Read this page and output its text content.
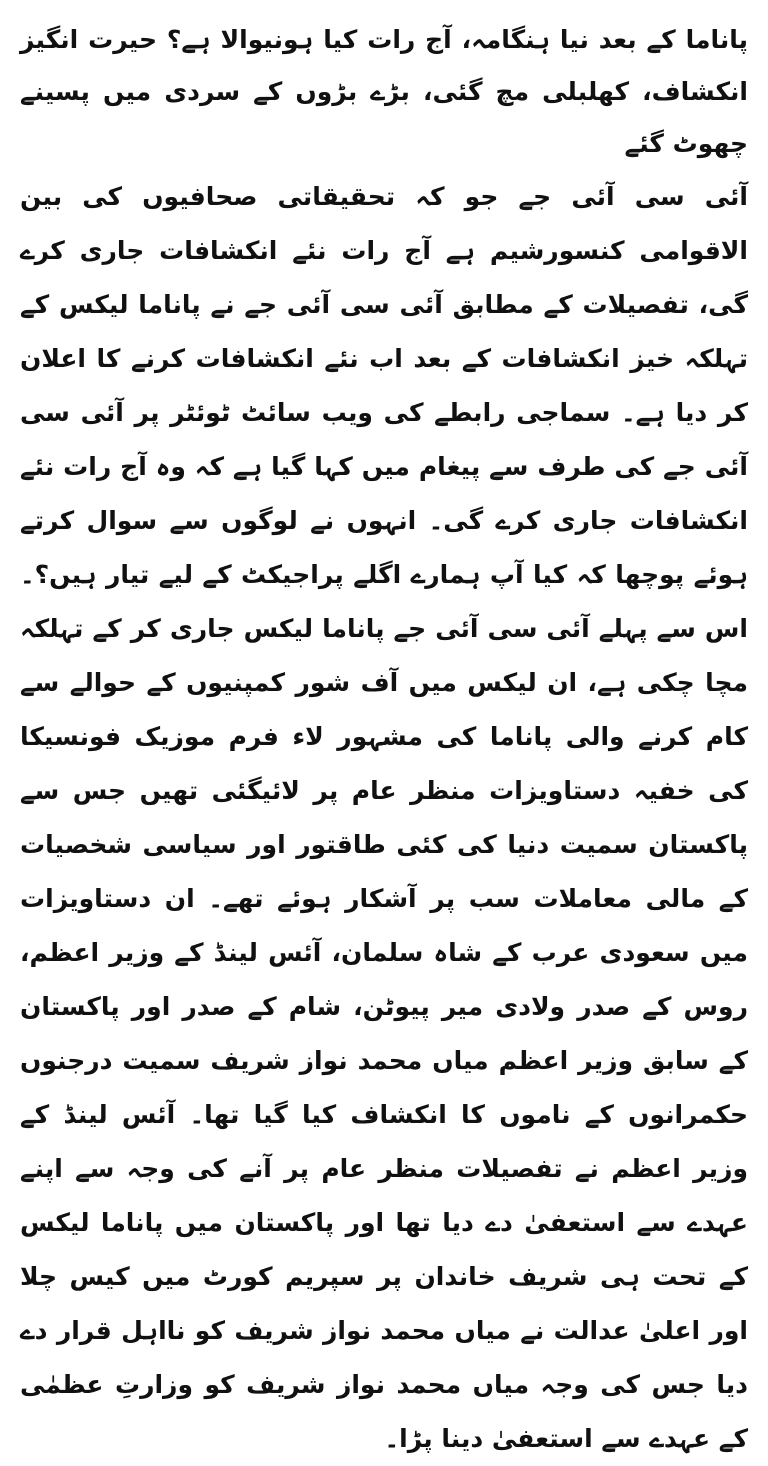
پاناما کے بعد نیا ہنگامہ، آج رات کیا ہونیوالا ہے؟ حیرت انگیز انکشاف، کھلبلی مچ گئی، بڑے بڑوں کے سردی میں پسینے چھوٹ گئے

آئی سی آئی جے جو کہ تحقیقاتی صحافیوں کی بین الاقوامی کنسورشیم ہے آج رات نئے انکشافات جاری کرے گی، تفصیلات کے مطابق آئی سی آئی جے نے پاناما لیکس کے تہلکہ خیز انکشافات کے بعد اب نئے انکشافات کرنے کا اعلان کر دیا ہے۔ سماجی رابطے کی ویب سائٹ ٹوئٹر پر آئی سی آئی جے کی طرف سے پیغام میں کہا گیا ہے کہ وہ آج رات نئے انکشافات جاری کرے گی۔ انہوں نے لوگوں سے سوال کرتے ہوئے پوچھا کہ کیا آپ ہمارے اگلے پراجیکٹ کے لیے تیار ہیں؟۔ اس سے پہلے آئی سی آئی جے پاناما لیکس جاری کر کے تہلکہ مچا چکی ہے، ان لیکس میں آف شور کمپنیوں کے حوالے سے کام کرنے والی پاناما کی مشہور لاء فرم موزیک فونسیکا کی خفیہ دستاویزات منظر عام پر لائیگئی تھیں جس سے پاکستان سمیت دنیا کی کئی طاقتور اور سیاسی شخصیات کے مالی معاملات سب پر آشکار ہوئے تھے۔ ان دستاویزات میں سعودی عرب کے شاہ سلمان، آئس لینڈ کے وزیر اعظم، روس کے صدر ولادی میر پیوٹن، شام کے صدر اور پاکستان کے سابق وزیر اعظم میاں محمد نواز شریف سمیت درجنوں حکمرانوں کے ناموں کا انکشاف کیا گیا تھا۔ آئس لینڈ کے وزیر اعظم نے تفصیلات منظر عام پر آنے کی وجہ سے اپنے عہدے سے استعفیٰ دے دیا تھا اور پاکستان میں پاناما لیکس کے تحت ہی شریف خاندان پر سپریم کورٹ میں کیس چلا اور اعلیٰ عدالت نے میاں محمد نواز شریف کو نااہل قرار دے دیا جس کی وجہ میاں محمد نواز شریف کو وزارتِ عظمٰی کے عہدے سے استعفیٰ دینا پڑا۔
